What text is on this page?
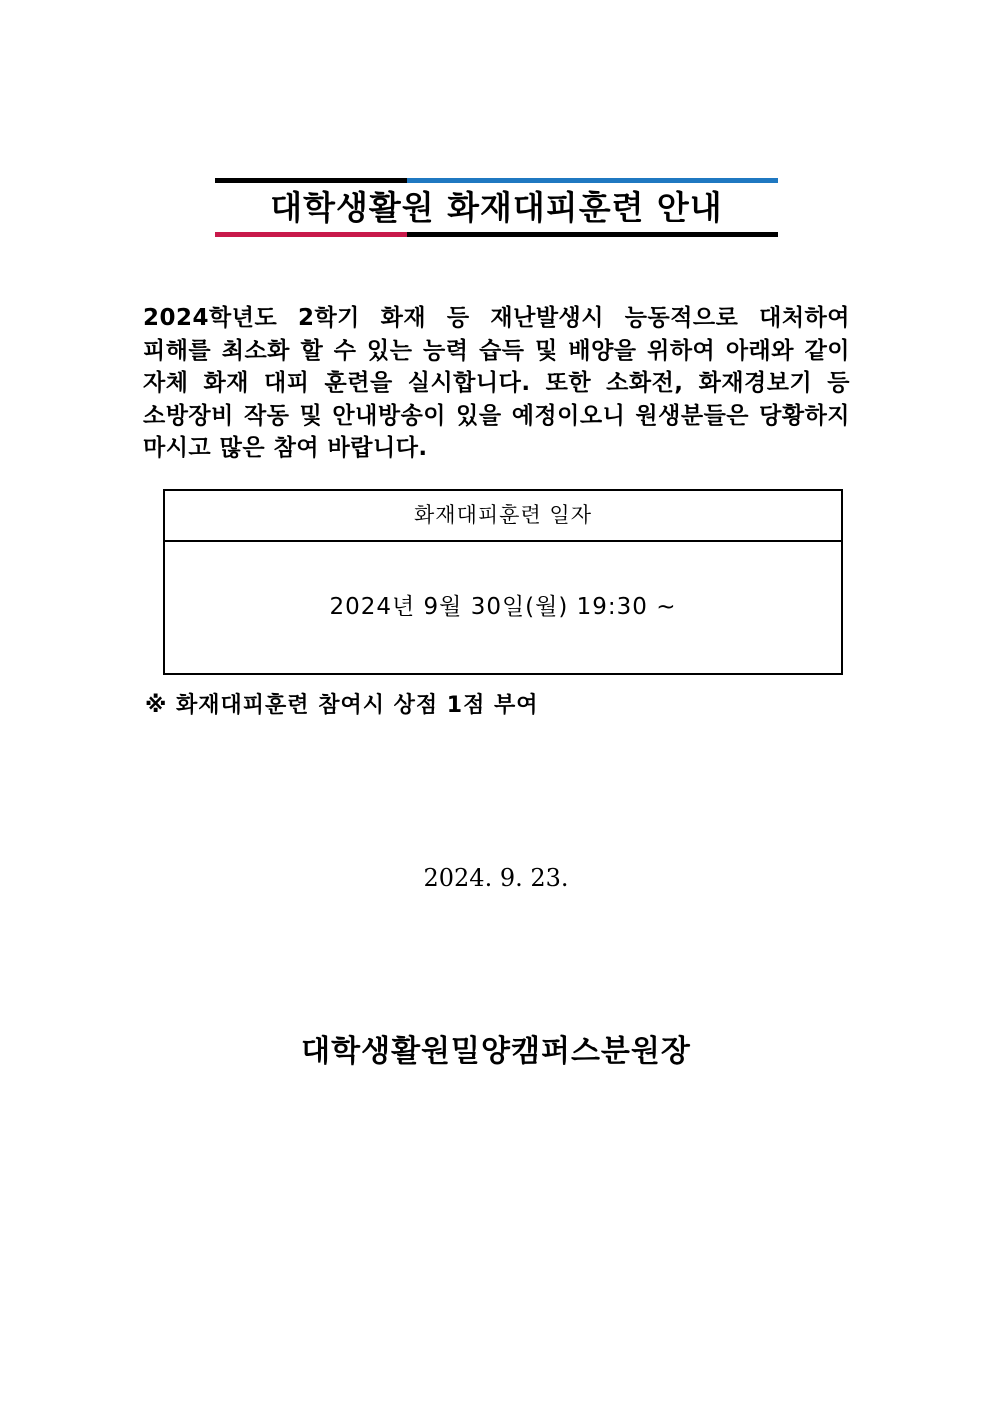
대학생활원 화재대피훈련 안내
2024학년도 2학기 화재 등 재난발생시 능동적으로 대처하여 피해를 최소화 할 수 있는 능력 습득 및 배양을 위하여 아래와 같이 자체 화재 대피 훈련을 실시합니다. 또한 소화전, 화재경보기 등 소방장비 작동 및 안내방송이 있을 예정이오니 원생분들은 당황하지 마시고 많은 참여 바랍니다.
화재대피훈련 일자
2024년 9월 30일(월) 19:30 ~
※ 화재대피훈련 참여시 상점 1점 부여
2024. 9. 23.
대학생활원밀양캠퍼스분원장
